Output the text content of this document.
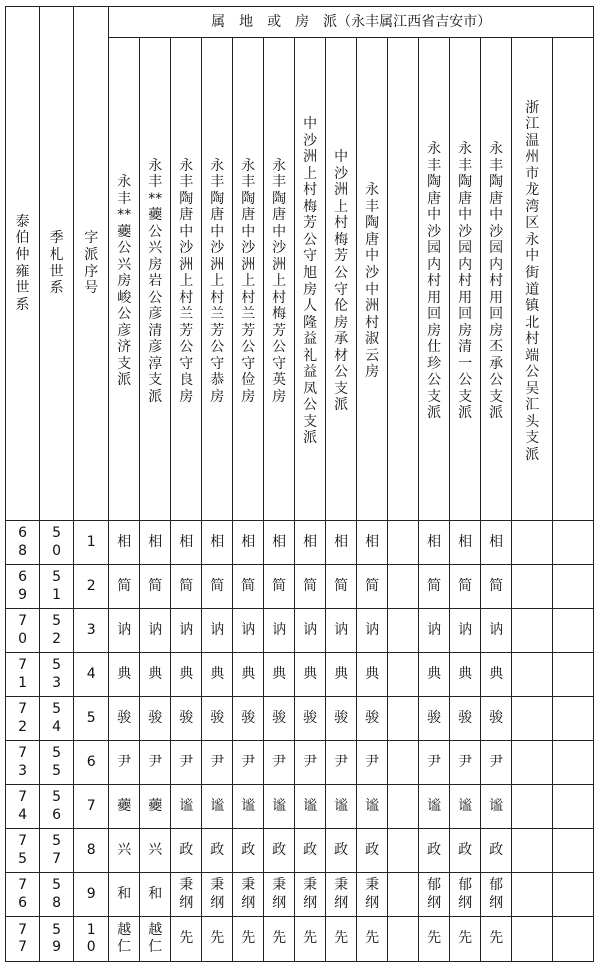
泰伯仲雍世系	季札世系	字派序号	属　地　或　房　派（永丰属江西省吉安市）														
			永丰**虁公兴房峻公彦济支派	永丰**虁公兴房岩公彦清彦淳支派	永丰陶唐中沙洲上村兰芳公守良房	永丰陶唐中沙洲上村兰芳公守恭房	永丰陶唐中沙洲上村兰芳公守俭房	永丰陶唐中沙洲上村梅芳公守英房	中沙洲上村梅芳公守旭房人隆益礼益凤公支派	中沙洲上村梅芳公守伦房承材公支派	永丰陶唐中沙中洲村淑云房		永丰陶唐中沙园内村用回房仕珍公支派	永丰陶唐中沙园内村用回房清一公支派	永丰陶唐中沙园内村用回房丕承公支派	浙江温州市龙湾区永中街道镇北村端公吴汇头支派	
68	50	1	相	相	相	相	相	相	相	相	相		相	相	相		
69	51	2	简	简	简	简	简	简	简	简	简		简	简	简		
70	52	3	讷	讷	讷	讷	讷	讷	讷	讷	讷		讷	讷	讷		
71	53	4	典	典	典	典	典	典	典	典	典		典	典	典		
72	54	5	骏	骏	骏	骏	骏	骏	骏	骏	骏		骏	骏	骏		
73	55	6	尹	尹	尹	尹	尹	尹	尹	尹	尹		尹	尹	尹		
74	56	7	虁	虁	谧	谧	谧	谧	谧	谧	谧		谧	谧	谧		
75	57	8	兴	兴	政	政	政	政	政	政	政		政	政	政		
76	58	9	和	和	秉纲	秉纲	秉纲	秉纲	秉纲	秉纲	秉纲		郁纲	郁纲	郁纲		
77	59	10	越仁	越仁	先	先	先	先	先	先	先		先	先	先		
